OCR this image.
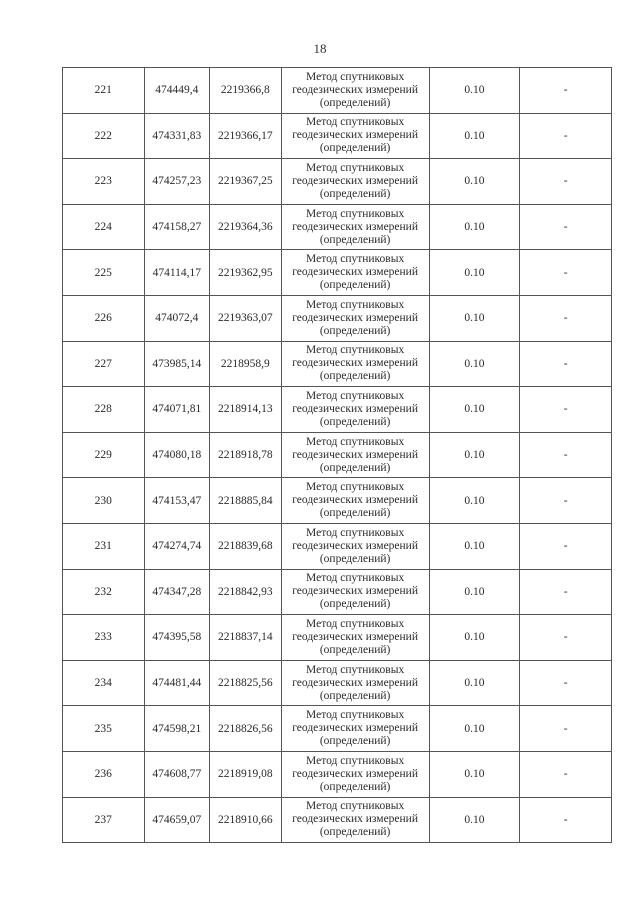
18
221	474449,4	2219366,8	Метод спутниковых
геодезических измерений
(определений)	0.10	-
222	474331,83	2219366,17	Метод спутниковых
геодезических измерений
(определений)	0.10	-
223	474257,23	2219367,25	Метод спутниковых
геодезических измерений
(определений)	0.10	-
224	474158,27	2219364,36	Метод спутниковых
геодезических измерений
(определений)	0.10	-
225	474114,17	2219362,95	Метод спутниковых
геодезических измерений
(определений)	0.10	-
226	474072,4	2219363,07	Метод спутниковых
геодезических измерений
(определений)	0.10	-
227	473985,14	2218958,9	Метод спутниковых
геодезических измерений
(определений)	0.10	-
228	474071,81	2218914,13	Метод спутниковых
геодезических измерений
(определений)	0.10	-
229	474080,18	2218918,78	Метод спутниковых
геодезических измерений
(определений)	0.10	-
230	474153,47	2218885,84	Метод спутниковых
геодезических измерений
(определений)	0.10	-
231	474274,74	2218839,68	Метод спутниковых
геодезических измерений
(определений)	0.10	-
232	474347,28	2218842,93	Метод спутниковых
геодезических измерений
(определений)	0.10	-
233	474395,58	2218837,14	Метод спутниковых
геодезических измерений
(определений)	0.10	-
234	474481,44	2218825,56	Метод спутниковых
геодезических измерений
(определений)	0.10	-
235	474598,21	2218826,56	Метод спутниковых
геодезических измерений
(определений)	0.10	-
236	474608,77	2218919,08	Метод спутниковых
геодезических измерений
(определений)	0.10	-
237	474659,07	2218910,66	Метод спутниковых
геодезических измерений
(определений)	0.10	-
